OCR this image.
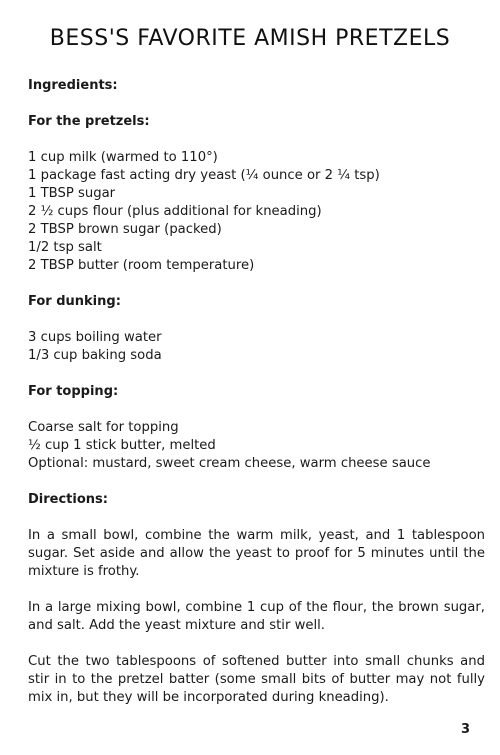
BESS'S FAVORITE AMISH PRETZELS
Ingredients:
For the pretzels:
1 cup milk (warmed to 110°)
1 package fast acting dry yeast (¼ ounce or 2 ¼ tsp)
1 TBSP sugar
2 ½ cups flour (plus additional for kneading)
2 TBSP brown sugar (packed)
1/2 tsp salt
2 TBSP butter (room temperature)
For dunking:
3 cups boiling water
1/3 cup baking soda
For topping:
Coarse salt for topping
½ cup 1 stick butter, melted
Optional: mustard, sweet cream cheese, warm cheese sauce
Directions:

In a small bowl, combine the warm milk, yeast, and 1 tablespoon sugar. Set aside and allow the yeast to proof for 5 minutes until the mixture is frothy.

In a large mixing bowl, combine 1 cup of the flour, the brown sugar, and salt. Add the yeast mixture and stir well.

Cut the two tablespoons of softened butter into small chunks and stir in to the pretzel batter (some small bits of butter may not fully mix in, but they will be incorporated during kneading).

3
